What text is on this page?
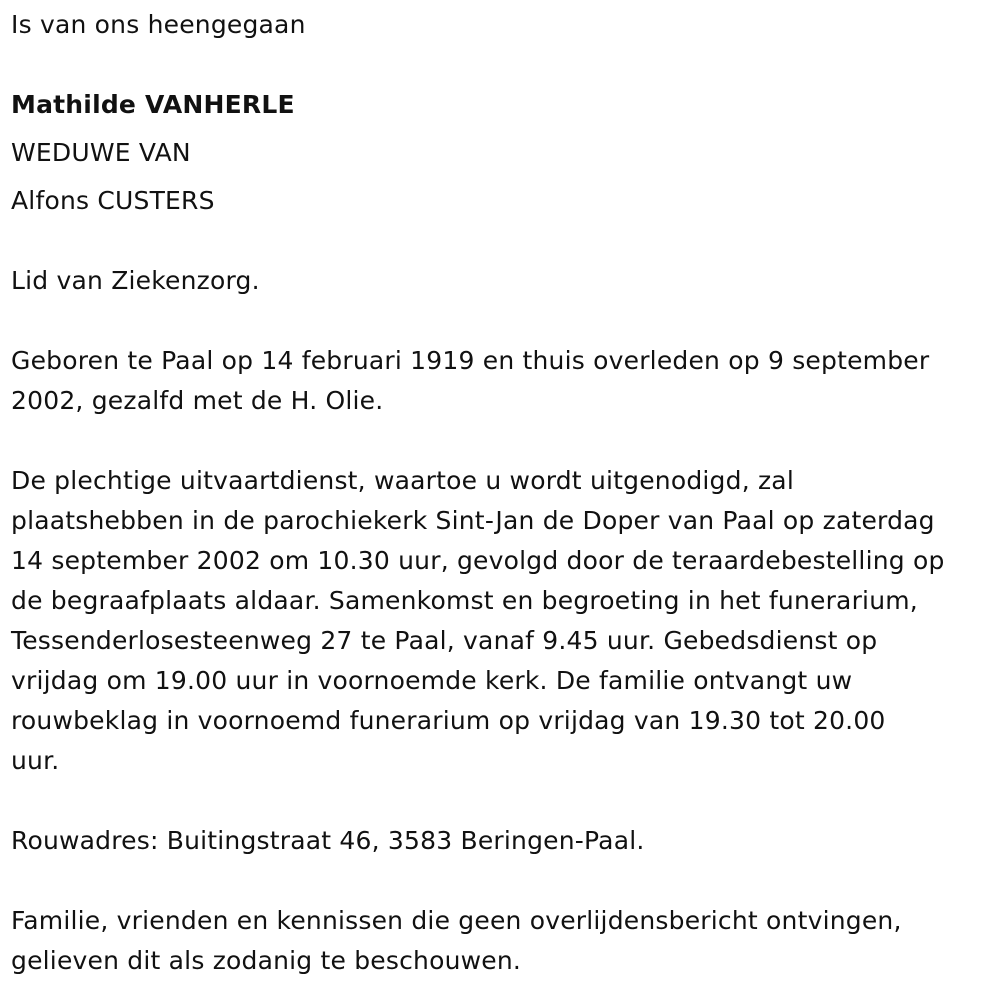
Is van ons heengegaan
Mathilde VANHERLE
WEDUWE VAN
Alfons CUSTERS
Lid van Ziekenzorg.
Geboren te Paal op 14 februari 1919 en thuis overleden op 9 september
2002, gezalfd met de H. Olie.
De plechtige uitvaartdienst, waartoe u wordt uitgenodigd, zal
plaatshebben in de parochiekerk Sint-Jan de Doper van Paal op zaterdag
14 september 2002 om 10.30 uur, gevolgd door de teraardebestelling op
de begraafplaats aldaar. Samenkomst en begroeting in het funerarium,
Tessenderlosesteenweg 27 te Paal, vanaf 9.45 uur. Gebedsdienst op
vrijdag om 19.00 uur in voornoemde kerk. De familie ontvangt uw
rouwbeklag in voornoemd funerarium op vrijdag van 19.30 tot 20.00
uur.
Rouwadres: Buitingstraat 46, 3583 Beringen-Paal.
Familie, vrienden en kennissen die geen overlijdensbericht ontvingen,
gelieven dit als zodanig te beschouwen.
